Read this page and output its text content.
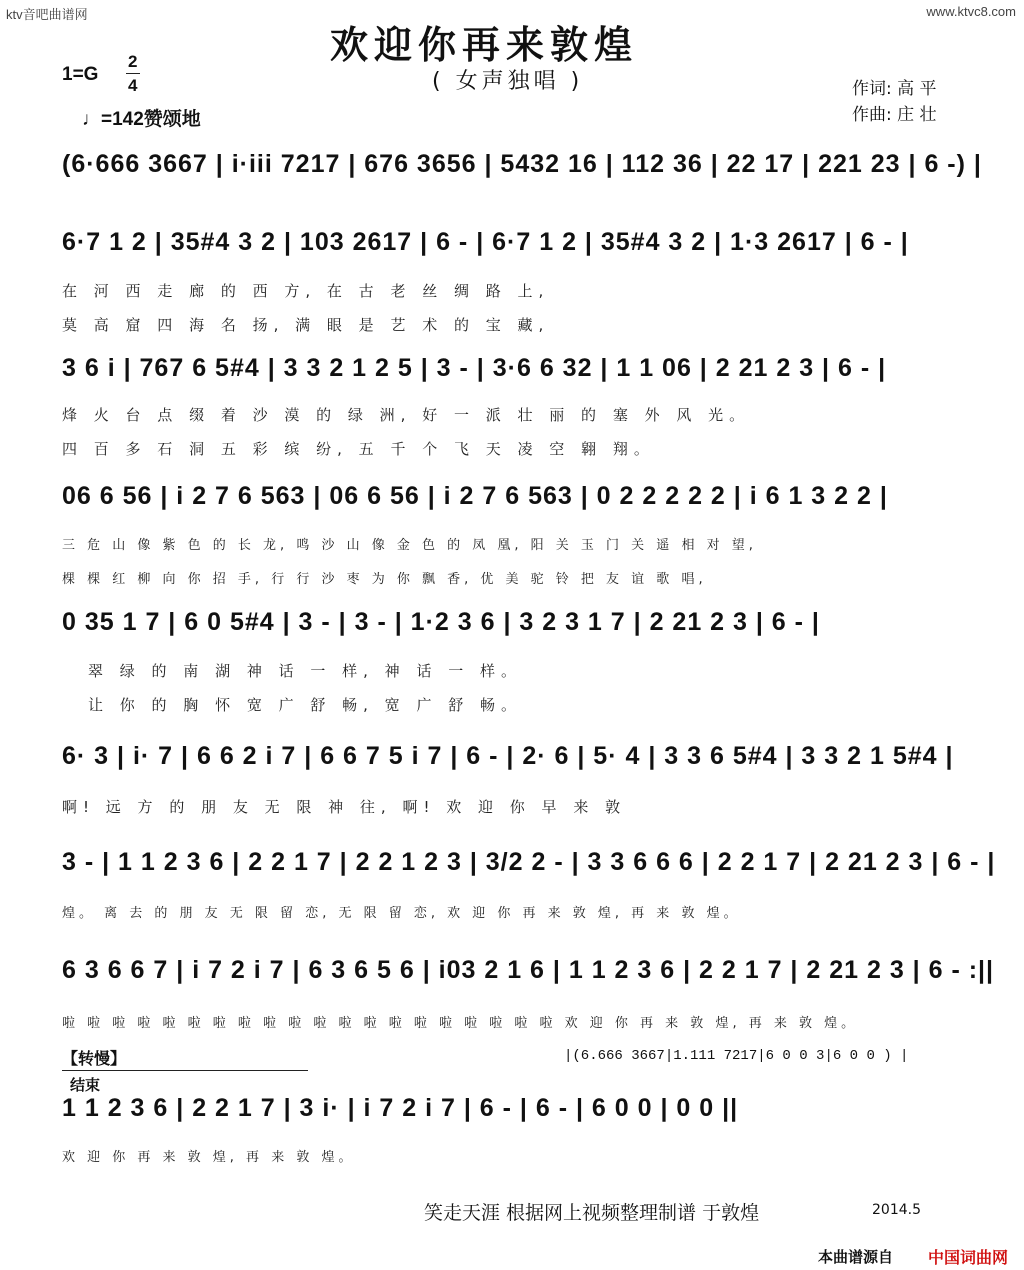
ktv音吧曲谱网	www.ktvc8.com
欢迎你再来敦煌
( 女声独唱 )
1=G
2
4
♩=142赞颂地
作词: 高 平
作曲: 庄 壮
(6·666 3667 | i·iii 7217 | 676 3656 | 5432 16 | 112 36 | 22 17 | 221 23 | 6 -) |
6·7 1 2 | 35#4 3 2 | 103 2617 | 6 - | 6·7 1 2 | 35#4 3 2 | 1·3 2617 | 6 - |
在 河 西 走 廊 的 西 方, 在 古 老 丝 绸 路 上,
莫 高 窟 四 海 名 扬, 满 眼 是 艺 术 的 宝 藏,
3 6 i | 767 6 5#4 | 3 3 2 1 2 5 | 3 - | 3·6 6 32 | 1 1 06 | 2 21 2 3 | 6 - |
烽 火 台 点 缀 着 沙 漠 的 绿 洲, 好 一 派 壮 丽 的 塞 外 风 光。
四 百 多 石 洞 五 彩 缤 纷, 五 千 个 飞 天 凌 空 翱 翔。
06 6 56 | i 2 7 6 563 | 06 6 56 | i 2 7 6 563 | 0 2 2 2 2 2 | i 6 1 3 2 2 |
三 危 山 像 紫 色 的 长 龙, 鸣 沙 山 像 金 色 的 凤 凰, 阳 关 玉 门 关 遥 相 对 望,
棵 棵 红 柳 向 你 招 手, 行 行 沙 枣 为 你 飘 香, 优 美 驼 铃 把 友 谊 歌 唱,
0 35 1 7 | 6 0 5#4 | 3 - | 3 - | 1·2 3 6 | 3 2 3 1 7 | 2 21 2 3 | 6 - |
翠 绿 的 南 湖 神 话 一 样, 神 话 一 样。
让 你 的 胸 怀 宽 广 舒 畅, 宽 广 舒 畅。
6· 3 | i· 7 | 6 6 2 i 7 | 6 6 7 5 i 7 | 6 - | 2· 6 | 5· 4 | 3 3 6 5#4 | 3 3 2 1 5#4 |
啊! 远 方 的 朋 友 无 限 神 往, 啊! 欢 迎 你 早 来 敦
3 - | 1 1 2 3 6 | 2 2 1 7 | 2 2 1 2 3 | 3/2 2 - | 3 3 6 6 6 | 2 2 1 7 | 2 21 2 3 | 6 - |
煌。 离 去 的 朋 友 无 限 留 恋, 无 限 留 恋, 欢 迎 你 再 来 敦 煌, 再 来 敦 煌。
6 3 6 6 7 | i 7 2 i 7 | 6 3 6 5 6 | i03 2 1 6 | 1 1 2 3 6 | 2 2 1 7 | 2 21 2 3 | 6 - :||
啦 啦 啦 啦 啦 啦 啦 啦 啦 啦 啦 啦 啦 啦 啦 啦 啦 啦 啦 啦 欢 迎 你 再 来 敦 煌, 再 来 敦 煌。
【转慢】
结束
|(6.666 3667|1.111 7217|6 0 0 3|6 0 0 ) |
1 1 2 3 6 | 2 2 1 7 | 3 i· | i 7 2 i 7 | 6 - | 6 - | 6 0 0 | 0 0 ||
欢 迎 你 再 来 敦 煌, 再 来 敦 煌。
笑走天涯 根据网上视频整理制谱 于敦煌	2014.5
本曲谱源自 中国词曲网
